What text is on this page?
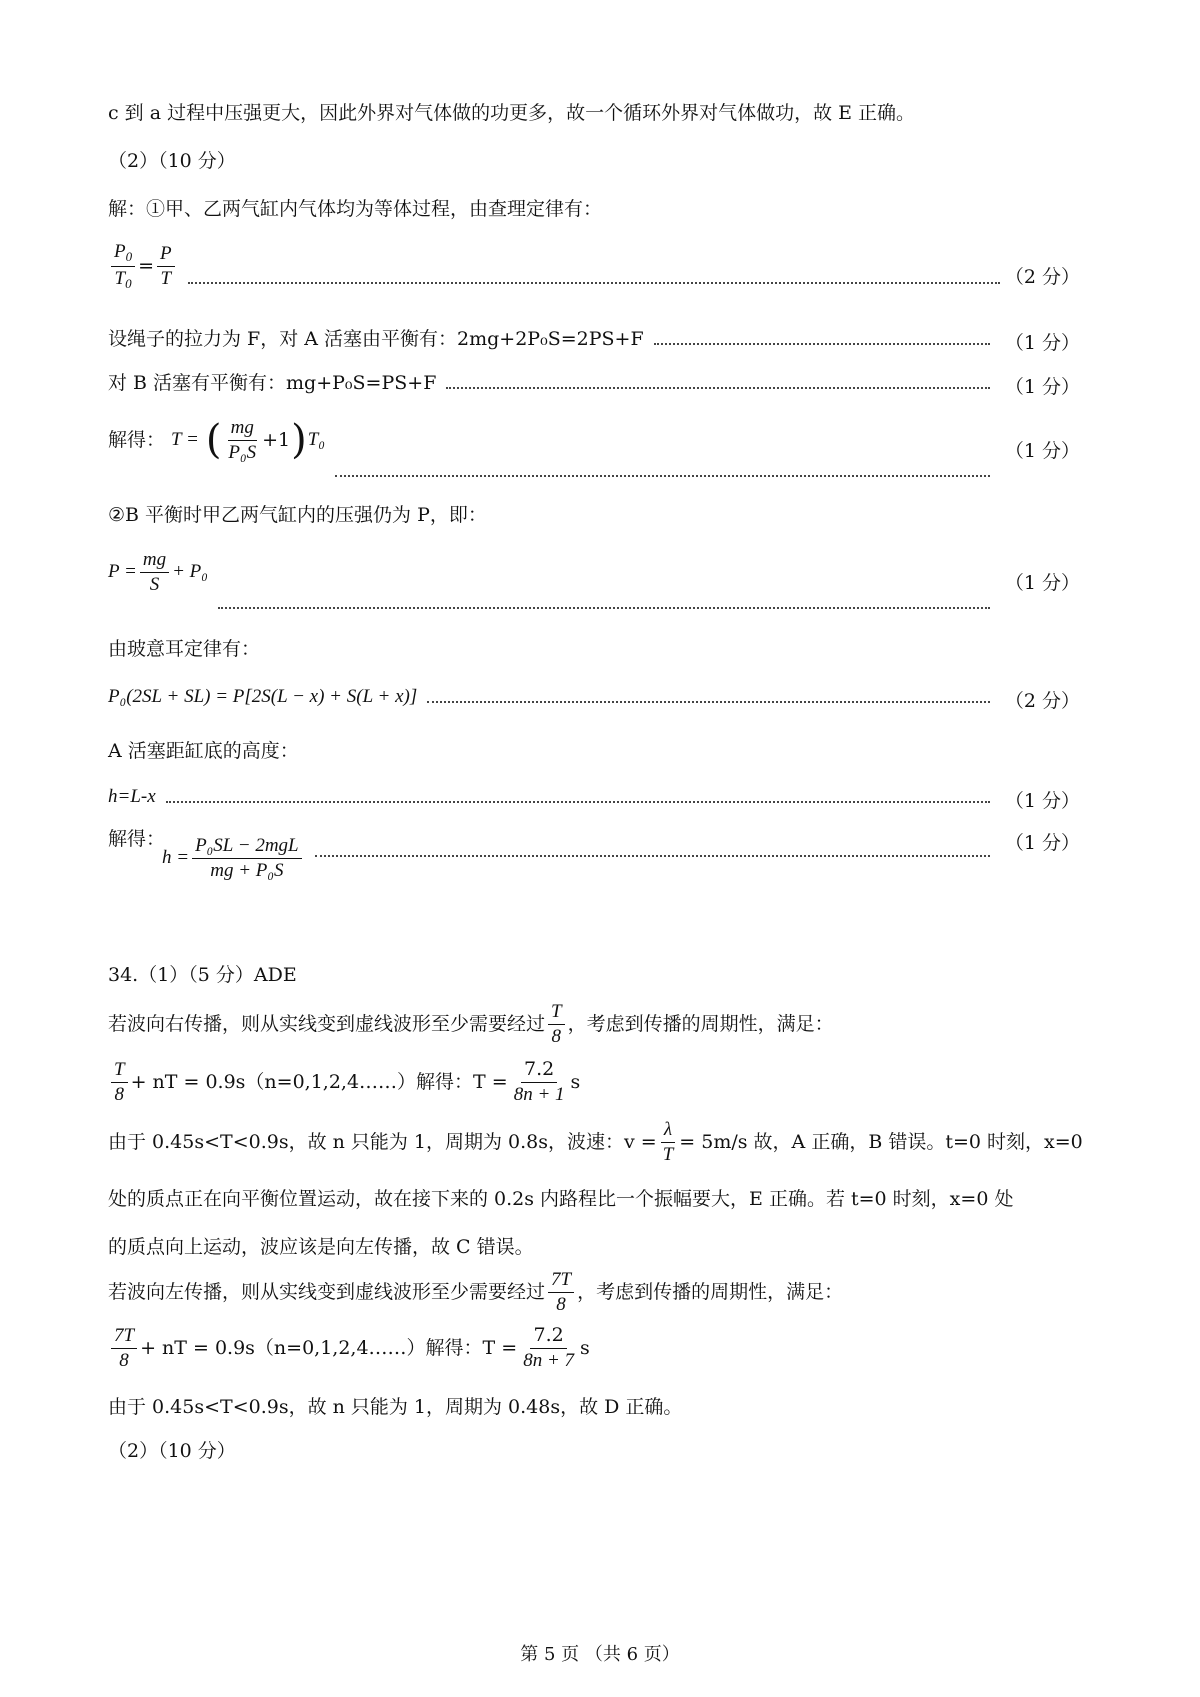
c 到 a 过程中压强更大，因此外界对气体做的功更多，故一个循环外界对气体做功，故 E 正确。
（2）（10 分）
解：①甲、乙两气缸内气体均为等体过程，由查理定律有：
$\frac{P_0}{T_0} = \frac{P}{T}$	（2 分）
设绳子的拉力为 F，对 A 活塞由平衡有：2mg+2P₀S=2PS+F	（1 分）
对 B 活塞有平衡有：mg+P₀S=PS+F	（1 分）
解得： T = ( $\frac{mg}{\text{P₀S}} +1$ ) T₀
（1 分）
②B 平衡时甲乙两气缸内的压强仍为 P，即：
$P = \frac{mg}{S} + P_0$
（1 分）
由玻意耳定律有：
P₀(2SL + SL) = P[2S(L − x) + S(L + x)]	（2 分）
A 活塞距缸底的高度：
h=L-x	（1 分）
解得：	（1 分）
$h = \frac{\text{P₀SL − 2mgL}}{\text{mg + P₀S}}$
34.（1）（5 分）ADE
若波向右传播，则从实线变到虚线波形至少需要经过 $\frac{T}{8}$ ，考虑到传播的周期性，满足：
$\frac{T}{8}$ + nT = 0.9s（n=0,1,2,4……）解得：$T = \frac{7.2}{8n + 1}$ s
由于 0.45s<T<0.9s，故 n 只能为 1，周期为 0.8s，波速：$v = \frac{\lambda}{T} = 5m/s$ 故，A 正确，B 错误。t=0 时刻，x=0
处的质点正在向平衡位置运动，故在接下来的 0.2s 内路程比一个振幅要大，E 正确。若 t=0 时刻，x=0 处
的质点向上运动，波应该是向左传播，故 C 错误。
若波向左传播，则从实线变到虚线波形至少需要经过 $\frac{7T}{8}$ ，考虑到传播的周期性，满足：
$\frac{7T}{8}$ + nT = 0.9s（n=0,1,2,4……）解得：$T = \frac{7.2}{8n + 7}$ s
由于 0.45s<T<0.9s，故 n 只能为 1，周期为 0.48s，故 D 正确。
（2）（10 分）
第 5 页 （共 6 页）
